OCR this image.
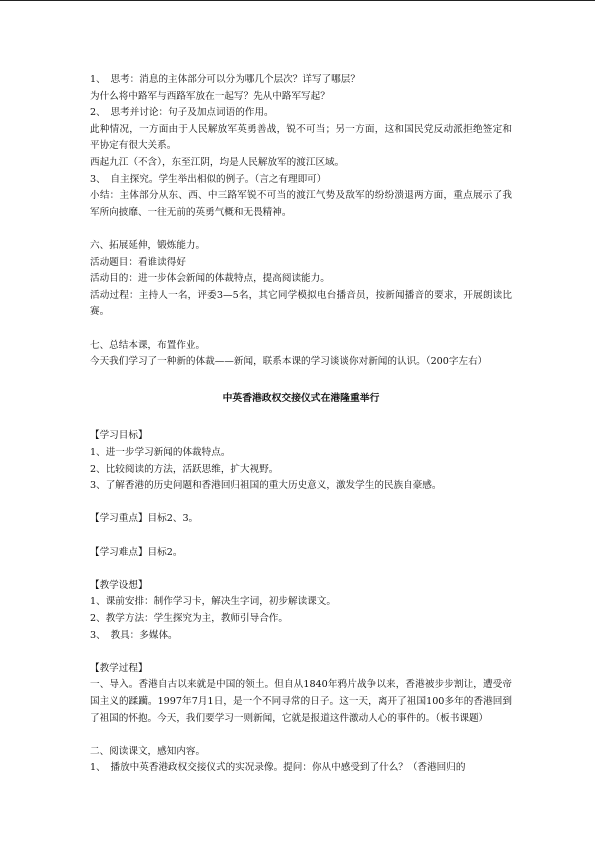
1、　思考：消息的主体部分可以分为哪几个层次？详写了哪层？

为什么将中路军与西路军放在一起写？先从中路军写起？

2、　思考并讨论：句子及加点词语的作用。

此种情况，一方面由于人民解放军英勇善战，锐不可当；另一方面，这和国民党反动派拒绝签定和平协定有很大关系。

西起九江（不含），东至江阴，均是人民解放军的渡江区域。

3、　自主探究。学生举出相似的例子。（言之有理即可）

小结：主体部分从东、西、中三路军锐不可当的渡江气势及敌军的纷纷溃退两方面，重点展示了我军所向披靡、一往无前的英勇气概和无畏精神。

六、拓展延伸，锻炼能力。

活动题目：看谁读得好

活动目的：进一步体会新闻的体裁特点，提高阅读能力。

活动过程：主持人一名，评委3—5名，其它同学模拟电台播音员，按新闻播音的要求，开展朗读比赛。

七、总结本课，布置作业。

今天我们学习了一种新的体裁——新闻，联系本课的学习谈谈你对新闻的认识。（200字左右）

中英香港政权交接仪式在港隆重举行

【学习目标】

1、进一步学习新闻的体裁特点。

2、比较阅读的方法，活跃思维，扩大视野。

3、了解香港的历史问题和香港回归祖国的重大历史意义，激发学生的民族自豪感。

【学习重点】目标2、3。

【学习难点】目标2。

【教学设想】

1、课前安排：制作学习卡，解决生字词，初步解读课文。

2、教学方法：学生探究为主，教师引导合作。

3、　教具：多媒体。

【教学过程】

一、导入。香港自古以来就是中国的领土。但自从1840年鸦片战争以来，香港被步步割让，遭受帝国主义的蹂躏。1997年7月1日，是一个不同寻常的日子。这一天，离开了祖国100多年的香港回到了祖国的怀抱。今天，我们要学习一则新闻，它就是报道这件激动人心的事件的。（板书课题）

二、阅读课文，感知内容。

1、　播放中英香港政权交接仪式的实况录像。提问：你从中感受到了什么？（香港回归的
